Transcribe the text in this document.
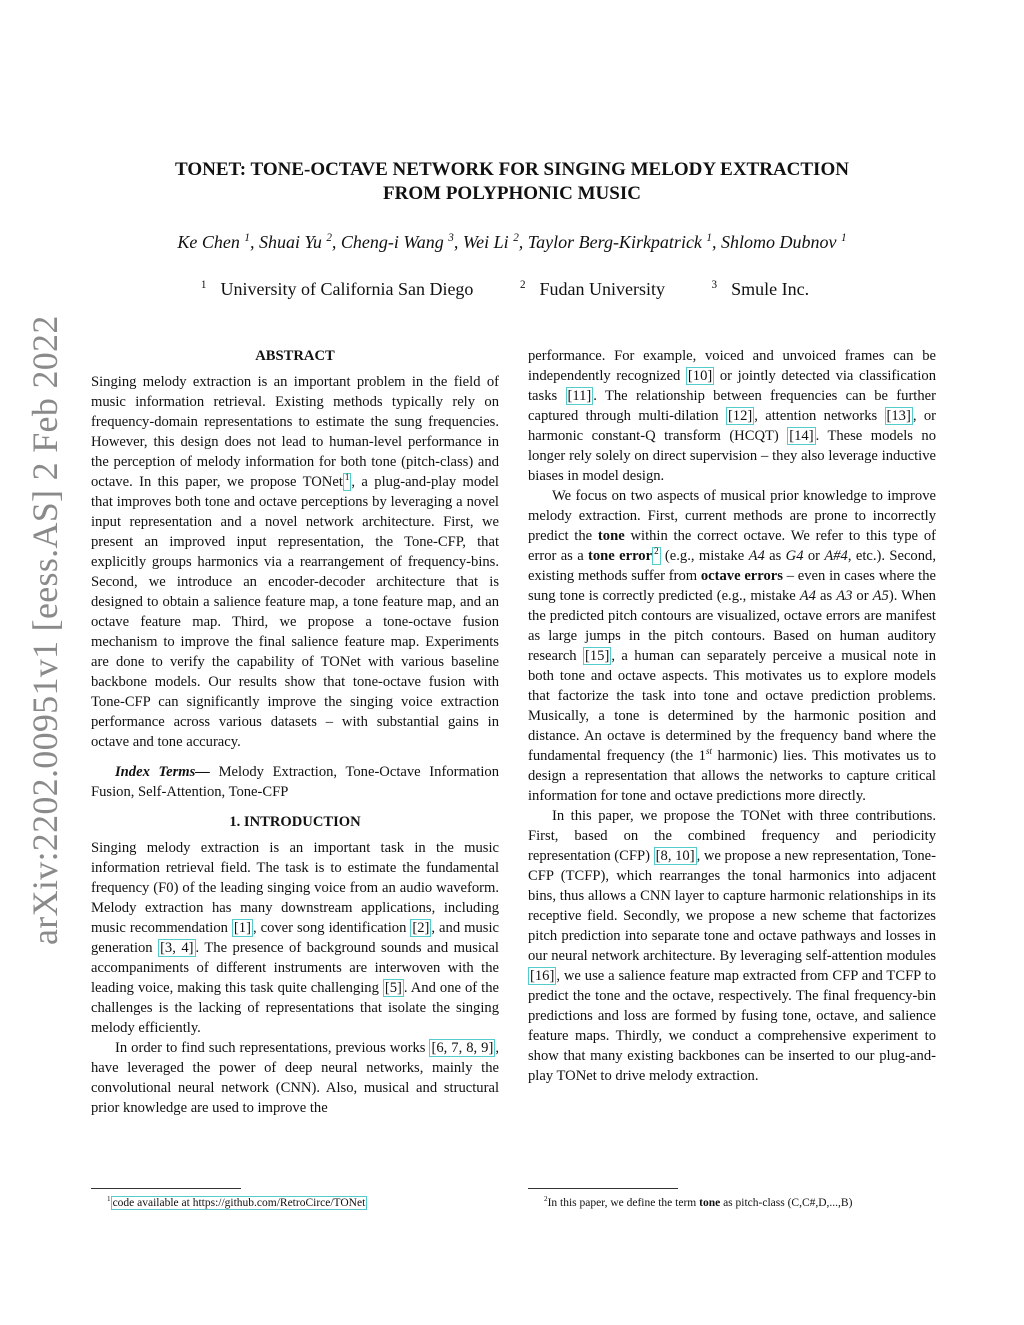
arXiv:2202.00951v1 [eess.AS] 2 Feb 2022
TONET: TONE-OCTAVE NETWORK FOR SINGING MELODY EXTRACTION
FROM POLYPHONIC MUSIC
Ke Chen $^1$, Shuai Yu $^2$, Cheng-i Wang $^3$, Wei Li $^2$, Taylor Berg-Kirkpatrick $^1$, Shlomo Dubnov $^1$
$^1$ University of California San Diego	$^2$ Fudan University	$^3$ Smule Inc.
ABSTRACT

Singing melody extraction is an important problem in the field of music information retrieval. Existing methods typically rely on frequency-domain representations to estimate the sung frequencies. However, this design does not lead to human-level performance in the perception of melody information for both tone (pitch-class) and octave. In this paper, we propose TONet $^1$ , a plug-and-play model that improves both tone and octave perceptions by leveraging a novel input representation and a novel network architecture. First, we present an improved input representation, the Tone-CFP, that explicitly groups harmonics via a rearrangement of frequency-bins. Second, we introduce an encoder-decoder architecture that is designed to obtain a salience feature map, a tone feature map, and an octave feature map. Third, we propose a tone-octave fusion mechanism to improve the final salience feature map. Experiments are done to verify the capability of TONet with various baseline backbone models. Our results show that tone-octave fusion with Tone-CFP can significantly improve the singing voice extraction performance across various datasets – with substantial gains in octave and tone accuracy.

Index Terms— Melody Extraction, Tone-Octave Information Fusion, Self-Attention, Tone-CFP

1. INTRODUCTION

Singing melody extraction is an important task in the music information retrieval field. The task is to estimate the fundamental frequency (F0) of the leading singing voice from an audio waveform. Melody extraction has many downstream applications, including music recommendation [1] , cover song identification [2] , and music generation [3, 4] . The presence of background sounds and musical accompaniments of different instruments are interwoven with the leading voice, making this task quite challenging [5] . And one of the challenges is the lacking of representations that isolate the singing melody efficiently.

In order to find such representations, previous works [6, 7, 8, 9] , have leveraged the power of deep neural networks, mainly the convolutional neural network (CNN). Also, musical and structural prior knowledge are used to improve the

performance. For example, voiced and unvoiced frames can be independently recognized [10] or jointly detected via classification tasks [11] . The relationship between frequencies can be further captured through multi-dilation [12] , attention networks [13] , or harmonic constant-Q transform (HCQT) [14] . These models no longer rely solely on direct supervision – they also leverage inductive biases in model design.

We focus on two aspects of musical prior knowledge to improve melody extraction. First, current methods are prone to incorrectly predict the tone within the correct octave. We refer to this type of error as a tone error $^2$ (e.g., mistake A4 as G4 or A#4, etc.). Second, existing methods suffer from octave errors – even in cases where the sung tone is correctly predicted (e.g., mistake A4 as A3 or A5). When the predicted pitch contours are visualized, octave errors are manifest as large jumps in the pitch contours. Based on human auditory research [15] , a human can separately perceive a musical note in both tone and octave aspects. This motivates us to explore models that factorize the task into tone and octave prediction problems. Musically, a tone is determined by the harmonic position and distance. An octave is determined by the frequency band where the fundamental frequency (the 1st harmonic) lies. This motivates us to design a representation that allows the networks to capture critical information for tone and octave predictions more directly.

In this paper, we propose the TONet with three contributions. First, based on the combined frequency and periodicity representation (CFP) [8, 10] , we propose a new representation, Tone-CFP (TCFP), which rearranges the tonal harmonics into adjacent bins, thus allows a CNN layer to capture harmonic relationships in its receptive field. Secondly, we propose a new scheme that factorizes pitch prediction into separate tone and octave pathways and losses in our neural network architecture. By leveraging self-attention modules [16] , we use a salience feature map extracted from CFP and TCFP to predict the tone and the octave, respectively. The final frequency-bin predictions and loss are formed by fusing tone, octave, and salience feature maps. Thirdly, we conduct a comprehensive experiment to show that many existing backbones can be inserted to our plug-and-play TONet to drive melody extraction.

$^1$ code available at https://github.com/RetroCirce/TONet	$^2$In this paper, we define the term tone as pitch-class (C,C#,D,...,B)
